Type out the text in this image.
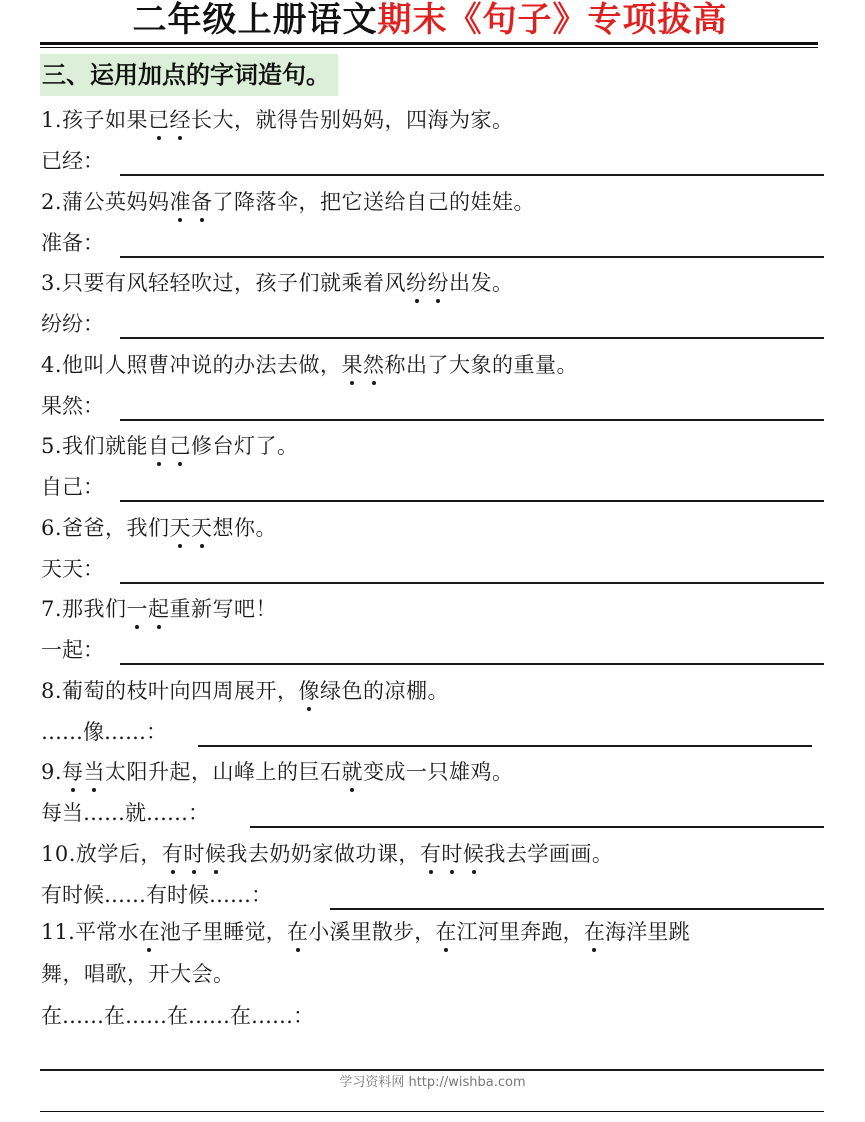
二年级上册语文期末《句子》专项拔高
三、运用加点的字词造句。
1.孩子如果已经长大，就得告别妈妈，四海为家。
已经：
2.蒲公英妈妈准备了降落伞，把它送给自己的娃娃。
准备：
3.只要有风轻轻吹过，孩子们就乘着风纷纷出发。
纷纷：
4.他叫人照曹冲说的办法去做，果然称出了大象的重量。
果然：
5.我们就能自己修台灯了。
自己：
6.爸爸，我们天天想你。
天天：
7.那我们一起重新写吧！
一起：
8.葡萄的枝叶向四周展开，像绿色的凉棚。
……像……：
9.每当太阳升起，山峰上的巨石就变成一只雄鸡。
每当……就……：
10.放学后，有时候我去奶奶家做功课，有时候我去学画画。
有时候……有时候……：
11.平常水在池子里睡觉，在小溪里散步，在江河里奔跑，在海洋里跳
舞，唱歌，开大会。
在……在……在……在……：
学习资料网 http://wishba.com
